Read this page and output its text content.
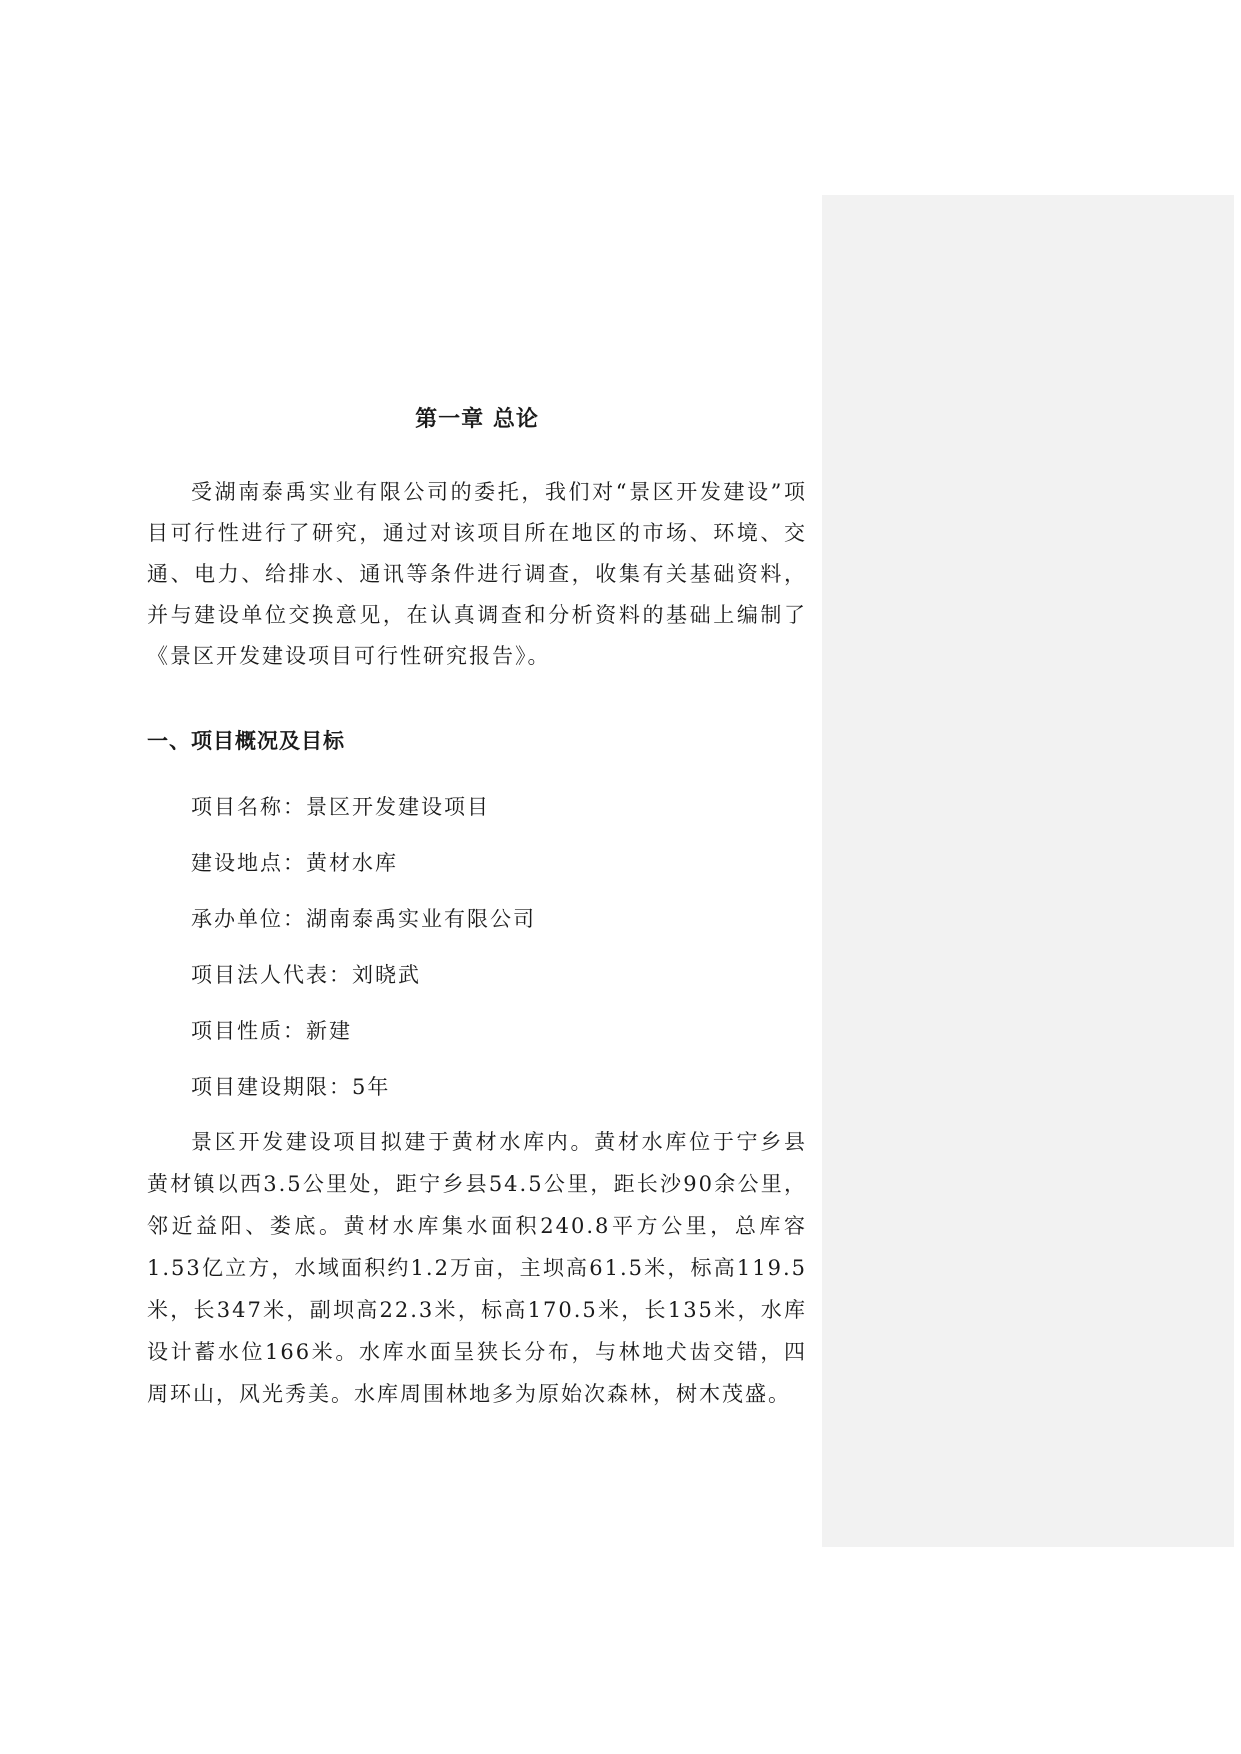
第一章 总论

受湖南泰禹实业有限公司的委托，我们对“景区开发建设”项目可行性进行了研究，通过对该项目所在地区的市场、环境、交通、电力、给排水、通讯等条件进行调查，收集有关基础资料，并与建设单位交换意见，在认真调查和分析资料的基础上编制了《景区开发建设项目可行性研究报告》。

一、项目概况及目标
项目名称：景区开发建设项目
建设地点：黄材水库
承办单位：湖南泰禹实业有限公司
项目法人代表：刘晓武
项目性质：新建
项目建设期限：5年

景区开发建设项目拟建于黄材水库内。黄材水库位于宁乡县黄材镇以西3.5公里处，距宁乡县54.5公里，距长沙90余公里，邻近益阳、娄底。黄材水库集水面积240.8平方公里，总库容1.53亿立方，水域面积约1.2万亩，主坝高61.5米，标高119.5米，长347米，副坝高22.3米，标高170.5米，长135米，水库设计蓄水位166米。水库水面呈狭长分布，与林地犬齿交错，四周环山，风光秀美。水库周围林地多为原始次森林，树木茂盛。
